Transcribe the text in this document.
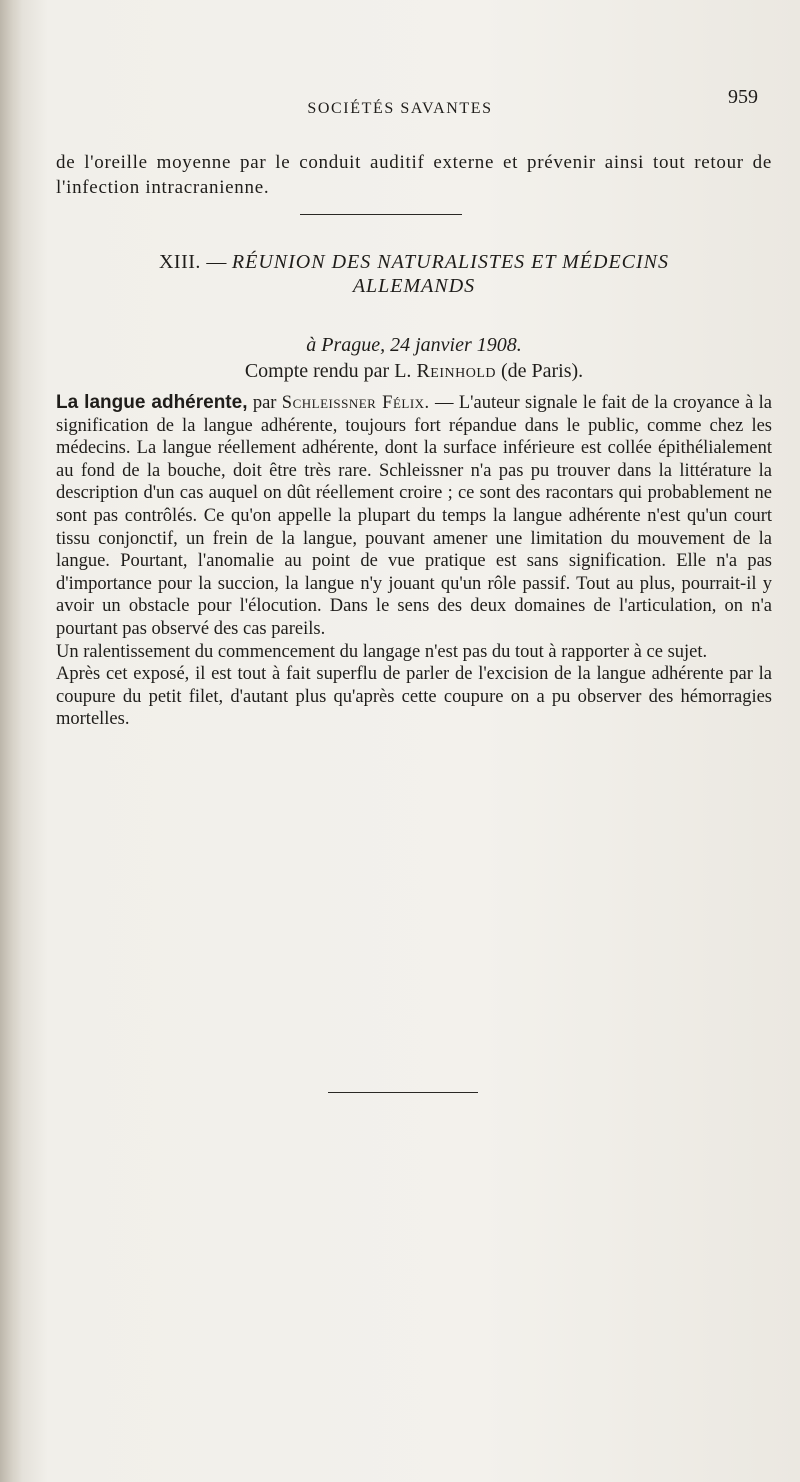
SOCIÉTÉS SAVANTES
959
de l'oreille moyenne par le conduit auditif externe et prévenir ainsi tout retour de l'infection intracranienne.
XIII. — RÉUNION DES NATURALISTES ET MÉDECINS
ALLEMANDS
à Prague, 24 janvier 1908.
Compte rendu par L. Reinhold (de Paris).

La langue adhérente, par Schleissner Félix. — L'auteur signale le fait de la croyance à la signification de la langue adhérente, toujours fort répandue dans le public, comme chez les médecins. La langue réellement adhérente, dont la surface inférieure est collée épithélialement au fond de la bouche, doit être très rare. Schleissner n'a pas pu trouver dans la littérature la description d'un cas auquel on dût réellement croire ; ce sont des racontars qui probablement ne sont pas contrôlés. Ce qu'on appelle la plupart du temps la langue adhérente n'est qu'un court tissu conjonctif, un frein de la langue, pouvant amener une limitation du mouvement de la langue. Pourtant, l'anomalie au point de vue pratique est sans signification. Elle n'a pas d'importance pour la succion, la langue n'y jouant qu'un rôle passif. Tout au plus, pourrait-il y avoir un obstacle pour l'élocution. Dans le sens des deux domaines de l'articulation, on n'a pourtant pas observé des cas pareils.

Un ralentissement du commencement du langage n'est pas du tout à rapporter à ce sujet.

Après cet exposé, il est tout à fait superflu de parler de l'excision de la langue adhérente par la coupure du petit filet, d'autant plus qu'après cette coupure on a pu observer des hémorragies mortelles.
